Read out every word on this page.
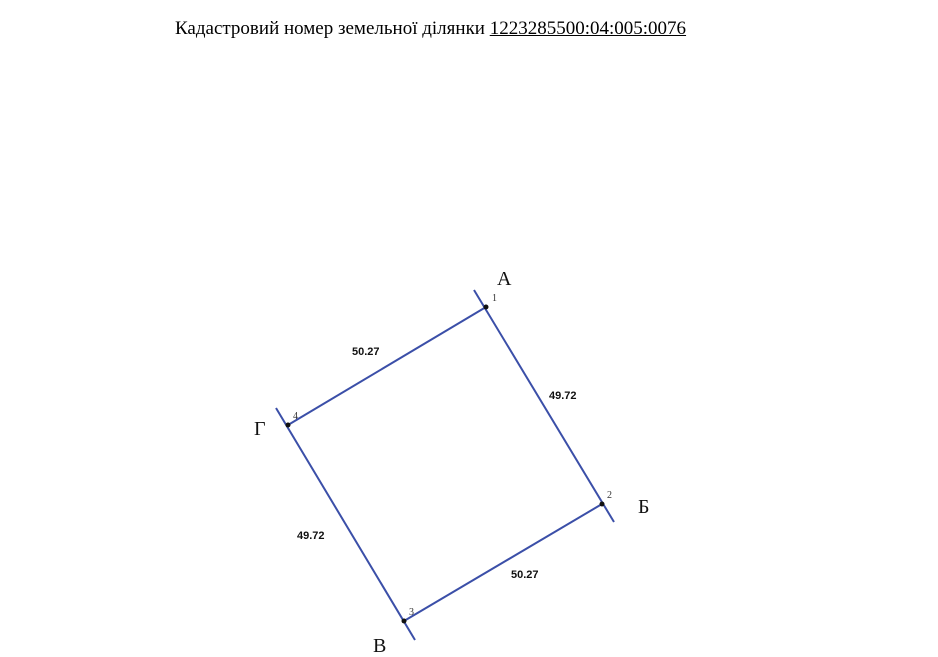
Кадастровий номер земельної ділянки 1223285500:04:005:0076
1
2
3
4
А
Б
В
Г
50.27
49.72
50.27
49.72
